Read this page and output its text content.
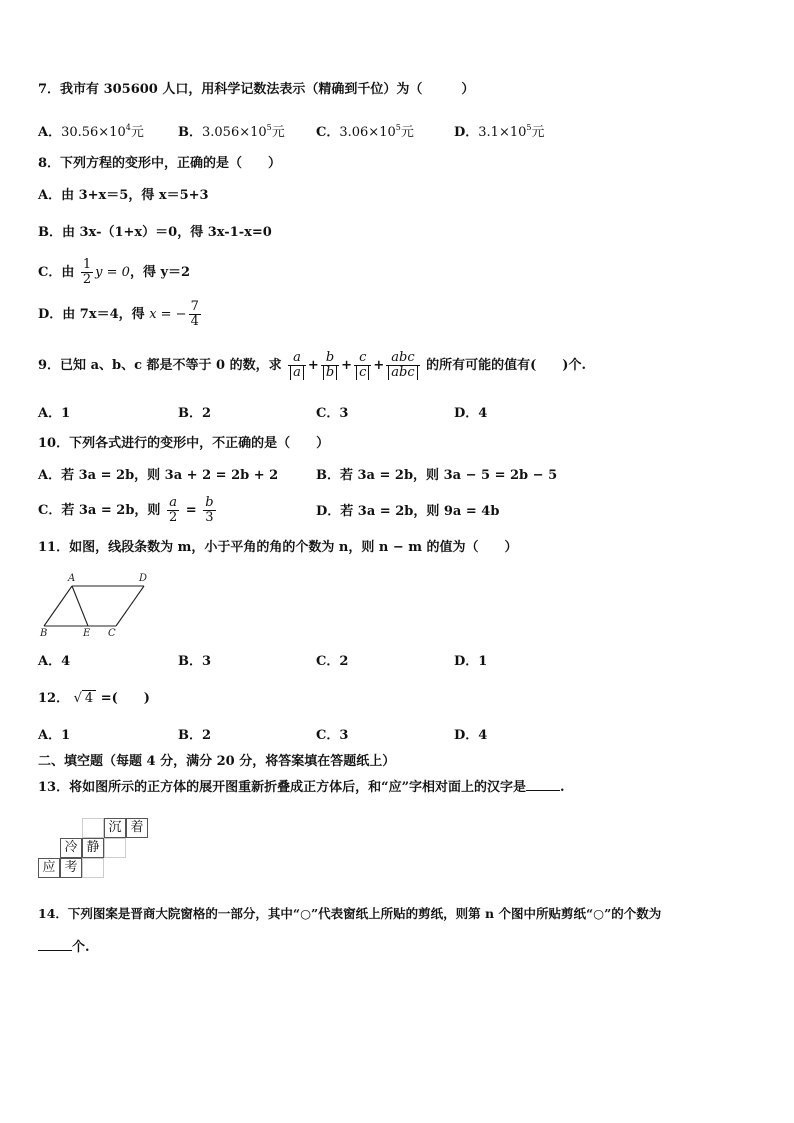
7．我市有 305600 人口，用科学记数法表示（精确到千位）为（　　　）
A．$30.56\times 10^4$元	B．$3.056\times 10^5$元 C．$3.06\times 10^5$元	D．$3.1\times 10^5$元
8．下列方程的变形中，正确的是（　　）
A．由 3+x＝5，得 x＝5+3
B．由 3x-（1+x）＝0，得 3x-1-x=0
C．由 $\frac{1}{2}$ y = 0，得 y＝2
D．由 7x＝4，得 x = − $\frac{7}{4}$
9．已知 a、b、c 都是不等于 0 的数，求 $\frac{a}{a} + \frac{b}{b} + \frac{c}{c} + \frac{\text{abc}}{\text{abc}}$ 的所有可能的值有(　　)个.
A．1	B．2	C．3	D．4
10．下列各式进行的变形中，不正确的是（　　）
A．若 3a = 2b，则 3a + 2 = 2b + 2	B．若 3a = 2b，则 3a − 5 = 2b − 5
C．若 3a = 2b，则 $\frac{a}{2} = \frac{b}{3}$	D．若 3a = 2b，则 9a = 4b
11．如图，线段条数为 m，小于平角的角的个数为 n，则 n − m 的值为（　　）
A	D
B	E C
A．4	B．3	C．2	D．1
12． √ 4 =(　　)
A．1	B．2	C．3	D．4
二、填空题（每题 4 分，满分 20 分，将答案填在答题纸上）
13．将如图所示的正方体的展开图重新折叠成正方体后，和“应”字相对面上的汉字是	.
沉 着
冷 静
应 考
14．下列图案是晋商大院窗格的一部分，其中“○”代表窗纸上所贴的剪纸，则第 n 个图中所贴剪纸“○”的个数为
个.
